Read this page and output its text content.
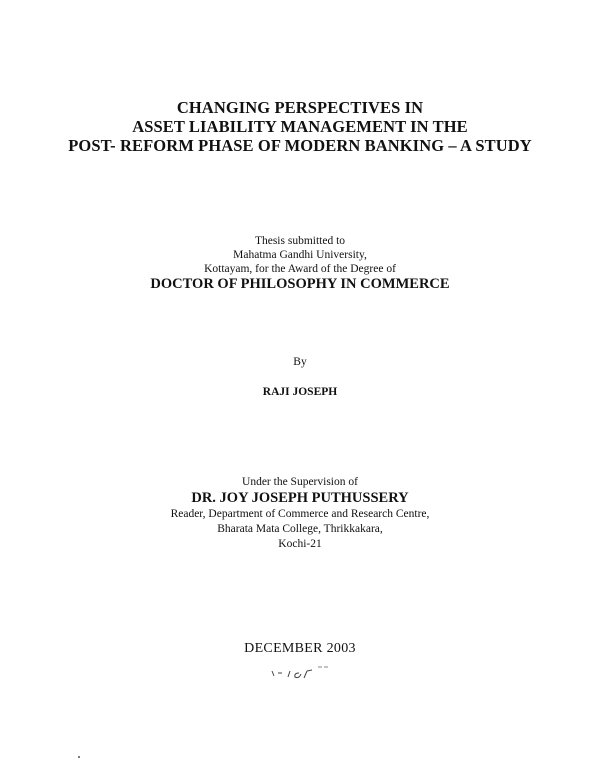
CHANGING PERSPECTIVES IN
ASSET LIABILITY MANAGEMENT IN THE
POST- REFORM PHASE OF MODERN BANKING – A STUDY
Thesis submitted to
Mahatma Gandhi University,
Kottayam, for the Award of the Degree of
DOCTOR OF PHILOSOPHY IN COMMERCE
By
RAJI JOSEPH
Under the Supervision of
DR. JOY JOSEPH PUTHUSSERY
Reader, Department of Commerce and Research Centre,
Bharata Mata College, Thrikkakara,
Kochi-21
DECEMBER 2003
